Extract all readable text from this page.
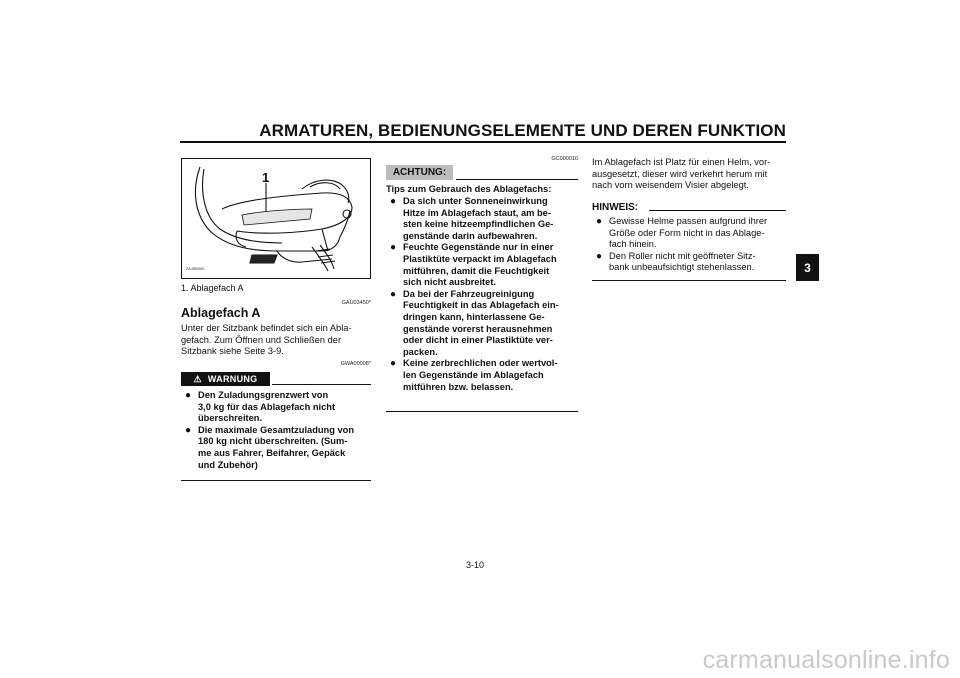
ARMATUREN, BEDIENUNGSELEMENTE UND DEREN FUNKTION
3
1
2AJ9B050
1. Ablagefach A
GAU03450*
Ablagefach A
Unter der Sitzbank befindet sich ein Abla-
gefach. Zum Öffnen und Schließen der
Sitzbank siehe Seite 3-9.
GWA00008*
⚠ WARNUNG
● Den Zuladungsgrenzwert von
3,0 kg für das Ablagefach nicht
überschreiten.
● Die maximale Gesamtzuladung von
180 kg nicht überschreiten. (Sum-
me aus Fahrer, Beifahrer, Gepäck
und Zubehör)
GC000010
ACHTUNG:
Tips zum Gebrauch des Ablagefachs:
● Da sich unter Sonneneinwirkung
Hitze im Ablagefach staut, am be-
sten keine hitzeempfindlichen Ge-
genstände darin aufbewahren.
● Feuchte Gegenstände nur in einer
Plastiktüte verpackt im Ablagefach
mitführen, damit die Feuchtigkeit
sich nicht ausbreitet.
● Da bei der Fahrzeugreinigung
Feuchtigkeit in das Ablagefach ein-
dringen kann, hinterlassene Ge-
genstände vorerst herausnehmen
oder dicht in einer Plastiktüte ver-
packen.
● Keine zerbrechlichen oder wertvol-
len Gegenstände im Ablagefach
mitführen bzw. belassen.
Im Ablagefach ist Platz für einen Helm, vor-
ausgesetzt, dieser wird verkehrt herum mit
nach vorn weisendem Visier abgelegt.
HINWEIS:
● Gewisse Helme passen aufgrund ihrer
Größe oder Form nicht in das Ablage-
fach hinein.
● Den Roller nicht mit geöffneter Sitz-
bank unbeaufsichtigt stehenlassen.
3-10
carmanualsonline.info
